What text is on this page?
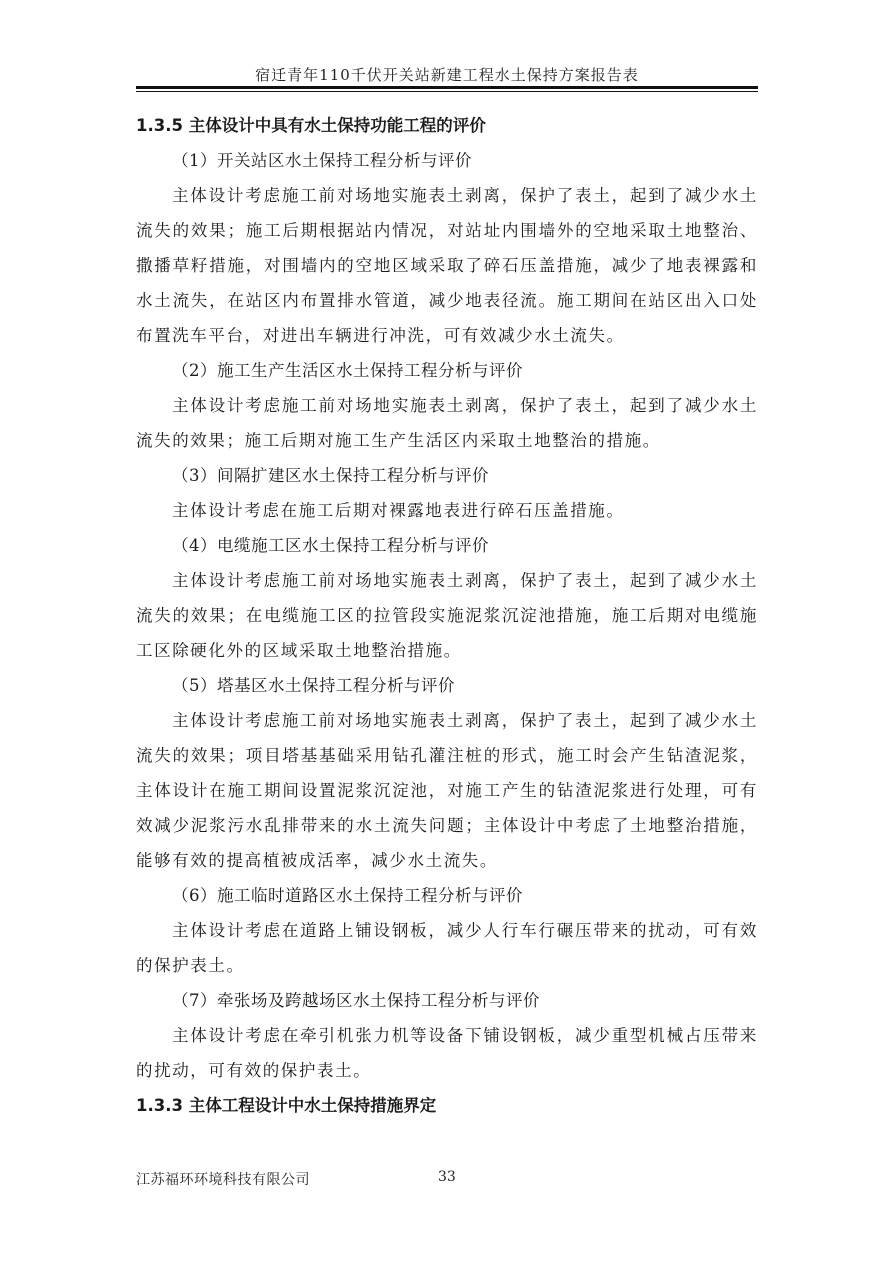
宿迁青年110千伏开关站新建工程水土保持方案报告表

1.3.5 主体设计中具有水土保持功能工程的评价

（1）开关站区水土保持工程分析与评价

主体设计考虑施工前对场地实施表土剥离，保护了表土，起到了减少水土流失的效果；施工后期根据站内情况，对站址内围墙外的空地采取土地整治、撒播草籽措施，对围墙内的空地区域采取了碎石压盖措施，减少了地表裸露和水土流失，在站区内布置排水管道，减少地表径流。施工期间在站区出入口处布置洗车平台，对进出车辆进行冲洗，可有效减少水土流失。

（2）施工生产生活区水土保持工程分析与评价

主体设计考虑施工前对场地实施表土剥离，保护了表土，起到了减少水土流失的效果；施工后期对施工生产生活区内采取土地整治的措施。

（3）间隔扩建区水土保持工程分析与评价

主体设计考虑在施工后期对裸露地表进行碎石压盖措施。

（4）电缆施工区水土保持工程分析与评价

主体设计考虑施工前对场地实施表土剥离，保护了表土，起到了减少水土流失的效果；在电缆施工区的拉管段实施泥浆沉淀池措施，施工后期对电缆施工区除硬化外的区域采取土地整治措施。

（5）塔基区水土保持工程分析与评价

主体设计考虑施工前对场地实施表土剥离，保护了表土，起到了减少水土流失的效果；项目塔基基础采用钻孔灌注桩的形式，施工时会产生钻渣泥浆，主体设计在施工期间设置泥浆沉淀池，对施工产生的钻渣泥浆进行处理，可有效减少泥浆污水乱排带来的水土流失问题；主体设计中考虑了土地整治措施，能够有效的提高植被成活率，减少水土流失。

（6）施工临时道路区水土保持工程分析与评价

主体设计考虑在道路上铺设钢板，减少人行车行碾压带来的扰动，可有效的保护表土。

（7）牵张场及跨越场区水土保持工程分析与评价

主体设计考虑在牵引机张力机等设备下铺设钢板，减少重型机械占压带来的扰动，可有效的保护表土。

1.3.3 主体工程设计中水土保持措施界定

江苏福环环境科技有限公司	33
